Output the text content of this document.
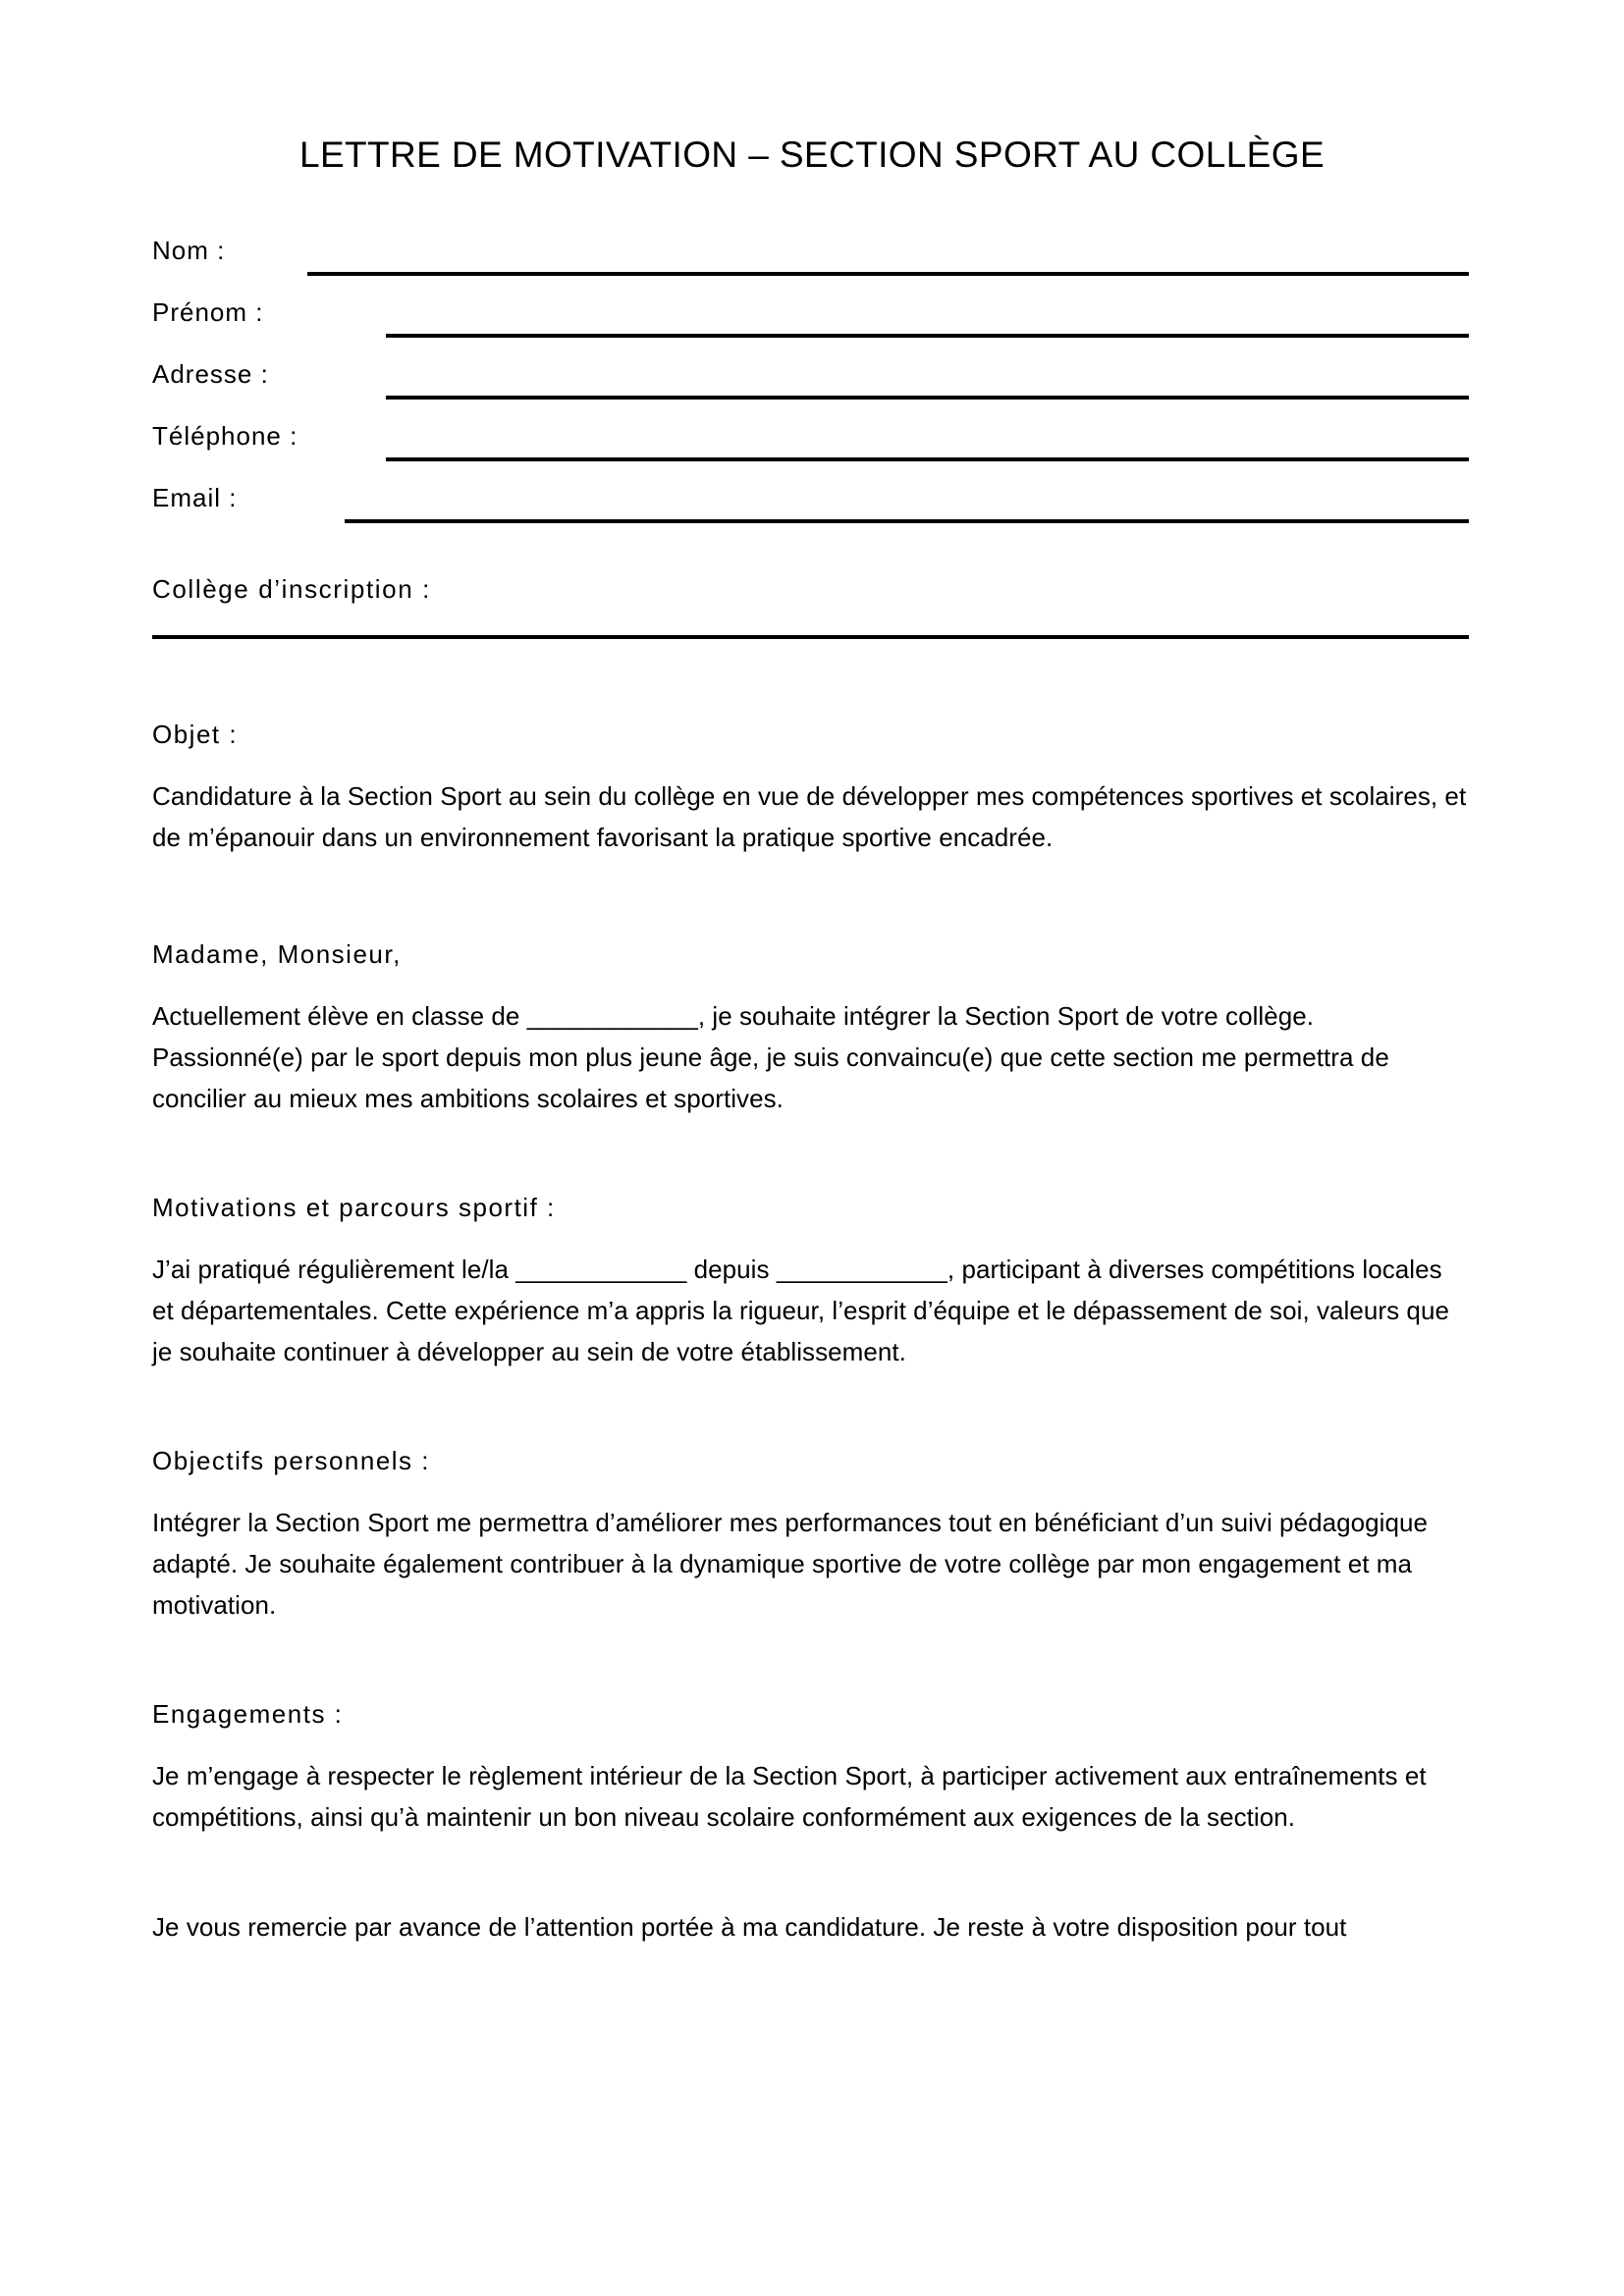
LETTRE DE MOTIVATION – SECTION SPORT AU COLLÈGE
Nom :
Prénom :
Adresse :
Téléphone :
Email :
Collège d’inscription :

Objet :

Candidature à la Section Sport au sein du collège en vue de développer mes compétences sportives et scolaires, et de m’épanouir dans un environnement favorisant la pratique sportive encadrée.

Madame, Monsieur,

Actuellement élève en classe de ____________, je souhaite intégrer la Section Sport de votre collège. Passionné(e) par le sport depuis mon plus jeune âge, je suis convaincu(e) que cette section me permettra de concilier au mieux mes ambitions scolaires et sportives.

Motivations et parcours sportif :

J’ai pratiqué régulièrement le/la ____________ depuis ____________, participant à diverses compétitions locales et départementales. Cette expérience m’a appris la rigueur, l’esprit d’équipe et le dépassement de soi, valeurs que je souhaite continuer à développer au sein de votre établissement.

Objectifs personnels :

Intégrer la Section Sport me permettra d’améliorer mes performances tout en bénéficiant d’un suivi pédagogique adapté. Je souhaite également contribuer à la dynamique sportive de votre collège par mon engagement et ma motivation.

Engagements :

Je m’engage à respecter le règlement intérieur de la Section Sport, à participer activement aux entraînements et compétitions, ainsi qu’à maintenir un bon niveau scolaire conformément aux exigences de la section.

Je vous remercie par avance de l’attention portée à ma candidature. Je reste à votre disposition pour tout
